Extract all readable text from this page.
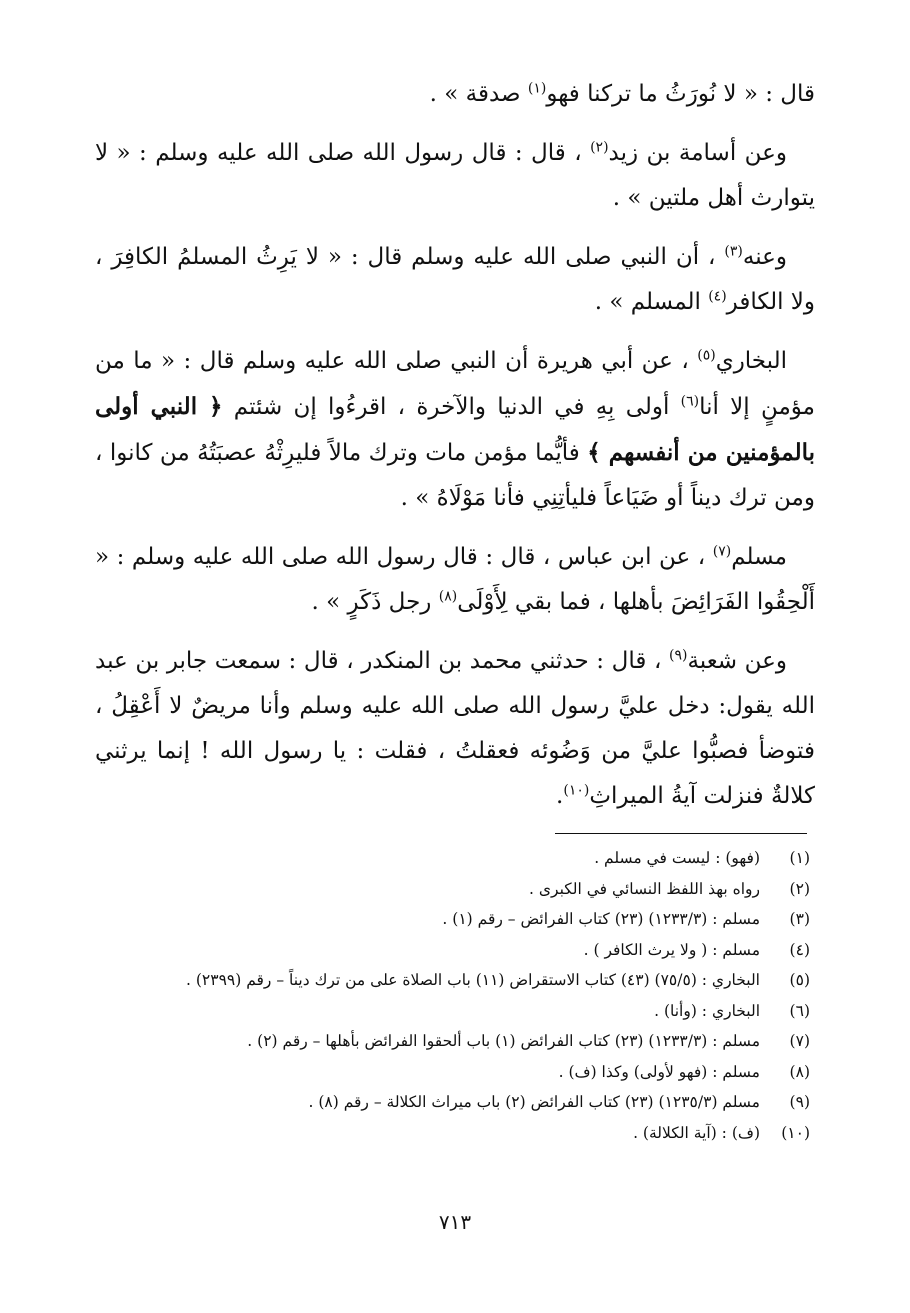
قال : « لا نُورَثُ ما تركنا فهو$^{(١)}$ صدقة » .

وعن أسامة بن زيد$^{(٢)}$ ، قال : قال رسول الله صلى الله عليه وسلم : « لا يتوارث أهل ملتين » .

وعنه$^{(٣)}$ ، أن النبي صلى الله عليه وسلم قال : « لا يَرِثُ المسلمُ الكافِرَ ، ولا الكافر$^{(٤)}$ المسلم » .

البخاري$^{(٥)}$ ، عن أبي هريرة أن النبي صلى الله عليه وسلم قال : « ما من مؤمنٍ إلا أنا$^{(٦)}$ أولى بِهِ في الدنيا والآخرة ، اقرءُوا إن شئتم ﴿ النبي أولى بالمؤمنين من أنفسهم ﴾ فأيُّما مؤمن مات وترك مالاً فليرِثْهُ عصبَتُهُ من كانوا ، ومن ترك ديناً أو ضَيَاعاً فليأتِنِي فأنا مَوْلَاهُ » .

مسلم$^{(٧)}$ ، عن ابن عباس ، قال : قال رسول الله صلى الله عليه وسلم : « أَلْحِقُوا الفَرَائِضَ بأهلها ، فما بقي لِأَوْلَى$^{(٨)}$ رجل ذَكَرٍ » .

وعن شعبة$^{(٩)}$ ، قال : حدثني محمد بن المنكدر ، قال : سمعت جابر بن عبد الله يقول: دخل عليَّ رسول الله صلى الله عليه وسلم وأنا مريضٌ لا أَعْقِلُ ، فتوضأ فصبُّوا عليَّ من وَضُوئه فعقلتُ ، فقلت : يا رسول الله ! إنما يرثني كلالةٌ فنزلت آيةُ الميراثِ$^{(١٠)}$.

(١)
(فهو) : ليست في مسلم .
(٢)
رواه بهذ اللفظ النسائي في الكبرى .
(٣)
مسلم : (١٢٣٣/٣) (٢٣) كتاب الفرائض – رقم (١) .
(٤)
مسلم : ( ولا يرث الكافر ) .
(٥)
البخاري : (٧٥/٥) (٤٣) كتاب الاستقراض (١١) باب الصلاة على من ترك ديناً – رقم (٢٣٩٩) .
(٦)
البخاري : (وأنا) .
(٧)
مسلم : (١٢٣٣/٣) (٢٣) كتاب الفرائض (١) باب ألحقوا الفرائض بأهلها – رقم (٢) .
(٨)
مسلم : (فهو لأولى) وكذا (ف) .
(٩)
مسلم (١٢٣٥/٣) (٢٣) كتاب الفرائض (٢) باب ميراث الكلالة – رقم (٨) .
(١٠)
(ف) : (آية الكلالة) .
٧١٣
